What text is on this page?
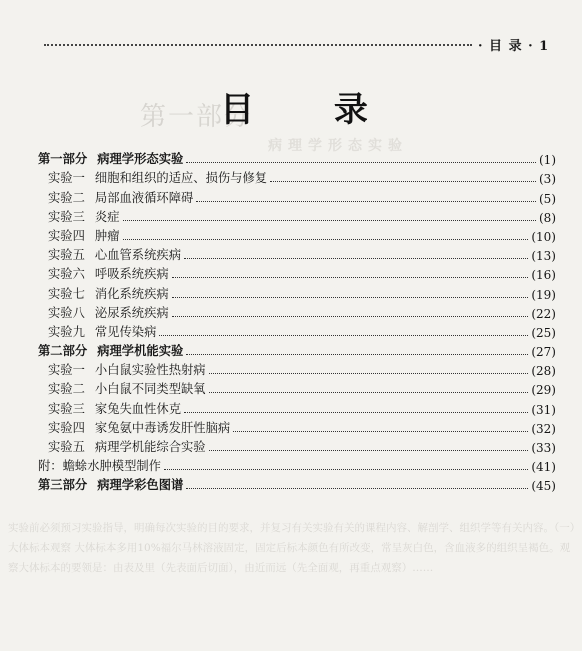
第一部分
病理学形态实验
实验前必须预习实验指导，明确每次实验的目的要求，并复习有关实验有关的课程内容、解剖学、组织学等有关内容。（一）大体标本观察 大体标本多用10%福尔马林溶液固定，固定后标本颜色有所改变，常呈灰白色，含血液多的组织呈褐色。观察大体标本的要领是：由表及里（先表面后切面），由近而远（先全面观，再重点观察）……
· 目 录 · 1
目 录
第一部分 病理学形态实验	(1)
实验一 细胞和组织的适应、损伤与修复	(3)
实验二 局部血液循环障碍	(5)
实验三 炎症	(8)
实验四 肿瘤	(10)
实验五 心血管系统疾病	(13)
实验六 呼吸系统疾病	(16)
实验七 消化系统疾病	(19)
实验八 泌尿系统疾病	(22)
实验九 常见传染病	(25)
第二部分 病理学机能实验	(27)
实验一 小白鼠实验性热射病	(28)
实验二 小白鼠不同类型缺氧	(29)
实验三 家兔失血性休克	(31)
实验四 家兔氨中毒诱发肝性脑病	(32)
实验五 病理学机能综合实验	(33)
附：蟾蜍水肿模型制作	(41)
第三部分 病理学彩色图谱	(45)
